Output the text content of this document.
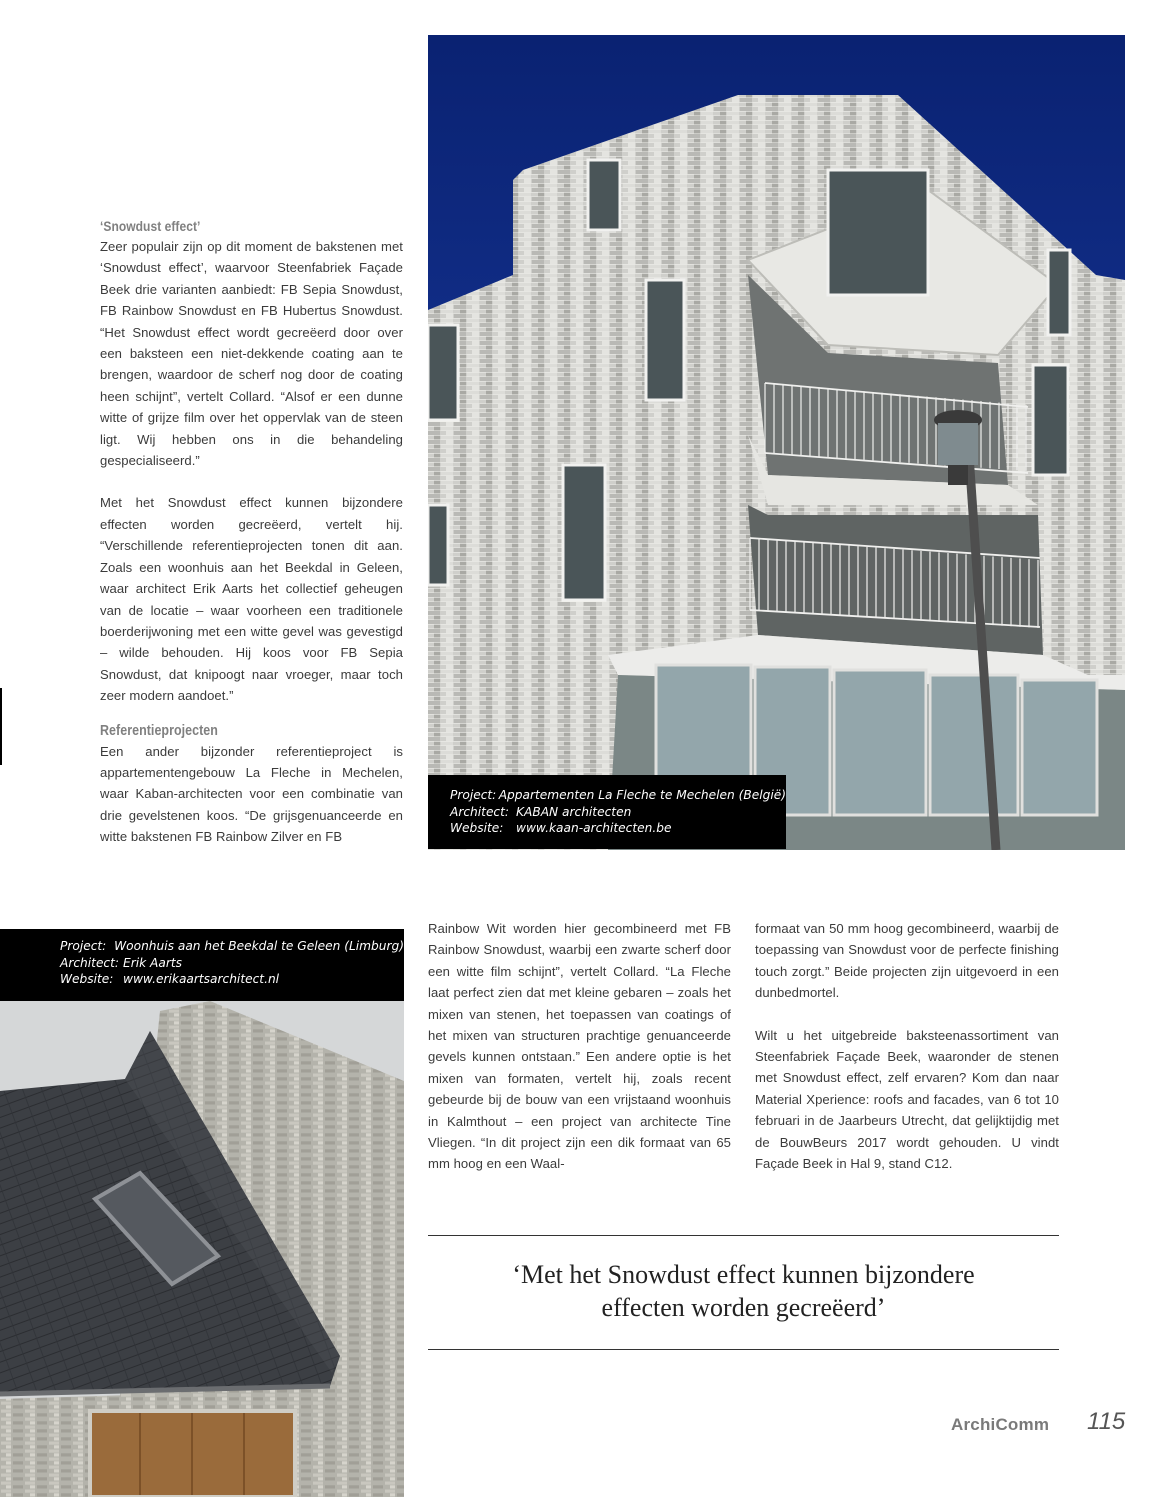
‘Snowdust effect’

Zeer populair zijn op dit moment de bakstenen met ‘Snowdust effect’, waarvoor Steenfabriek Façade Beek drie varianten aanbiedt: FB Sepia Snowdust, FB Rainbow Snowdust en FB Hubertus Snowdust. “Het Snowdust effect wordt gecreëerd door over een baksteen een niet-dekkende coating aan te brengen, waardoor de scherf nog door de coating heen schijnt”, vertelt Collard. “Alsof er een dunne witte of grijze film over het oppervlak van de steen ligt. Wij hebben ons in die behandeling gespecialiseerd.”

Met het Snowdust effect kunnen bijzondere effecten worden gecreëerd, vertelt hij. “Verschillende referentieprojecten tonen dit aan. Zoals een woonhuis aan het Beekdal in Geleen, waar architect Erik Aarts het collectief geheugen van de locatie – waar voorheen een traditionele boerderijwoning met een witte gevel was gevestigd – wilde behouden. Hij koos voor FB Sepia Snowdust, dat knipoogt naar vroeger, maar toch zeer modern aandoet.”

Referentieprojecten

Een ander bijzonder referentieproject is appartementengebouw La Fleche in Mechelen, waar Kaban-architecten voor een combinatie van drie gevelstenen koos. “De grijsgenuanceerde en witte bakstenen FB Rainbow Zilver en FB

Rainbow Wit worden hier gecombineerd met FB Rainbow Snowdust, waarbij een zwarte scherf door een witte film schijnt”, vertelt Collard. “La Fleche laat perfect zien dat met kleine gebaren – zoals het mixen van stenen, het toepassen van coatings of het mixen van structuren prachtige genuanceerde gevels kunnen ontstaan.” Een andere optie is het mixen van formaten, vertelt hij, zoals recent gebeurde bij de bouw van een vrijstaand woonhuis in Kalmthout – een project van architecte Tine Vliegen. “In dit project zijn een dik formaat van 65 mm hoog en een Waal-

formaat van 50 mm hoog gecombineerd, waarbij de toepassing van Snowdust voor de perfecte finishing touch zorgt.” Beide projecten zijn uitgevoerd in een dunbedmortel.

Wilt u het uitgebreide baksteenassortiment van Steenfabriek Façade Beek, waaronder de stenen met Snowdust effect, zelf ervaren? Kom dan naar Material Xperience: roofs and facades, van 6 tot 10 februari in de Jaarbeurs Utrecht, dat gelijktijdig met de BouwBeurs 2017 wordt gehouden. U vindt Façade Beek in Hal 9, stand C12.

Project: Appartementen La Fleche te Mechelen (België)
Architect: KABAN architecten
Website:	www.kaan-architecten.be
Project: Woonhuis aan het Beekdal te Geleen (Limburg)
Architect: Erik Aarts
Website: www.erikaartsarchitect.nl
‘Met het Snowdust effect kunnen bijzondere
effecten worden gecreëerd’
ArchiComm 115
